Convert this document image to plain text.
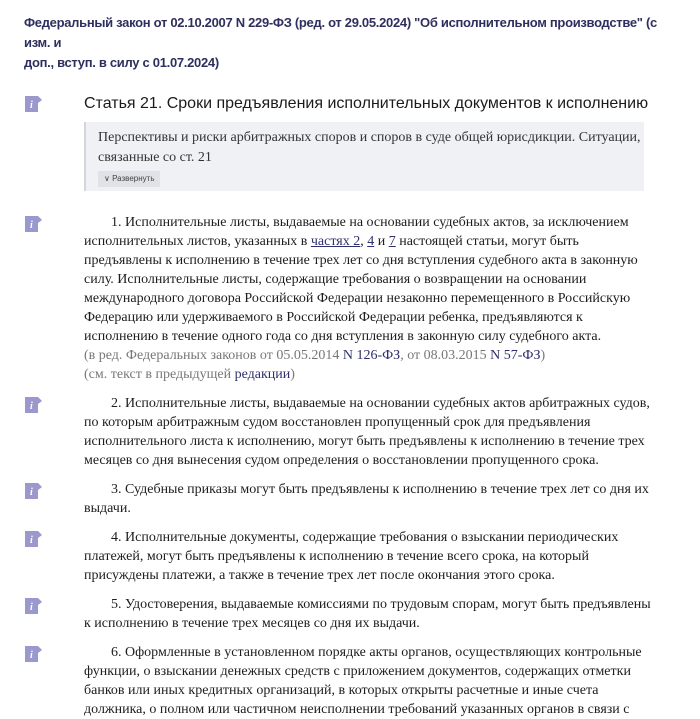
Федеральный закон от 02.10.2007 N 229-ФЗ (ред. от 29.05.2024) "Об исполнительном производстве" (с изм. и
доп., вступ. в силу с 01.07.2024)
i	Статья 21. Сроки предъявления исполнительных документов к исполнению
Перспективы и риски арбитражных споров и споров в суде общей юрисдикции. Ситуации,
связанные со ст. 21
∨ Развернуть
i	1. Исполнительные листы, выдаваемые на основании судебных актов, за исключением
исполнительных листов, указанных в частях 2, 4 и 7 настоящей статьи, могут быть
предъявлены к исполнению в течение трех лет со дня вступления судебного акта в законную
силу. Исполнительные листы, содержащие требования о возвращении на основании
международного договора Российской Федерации незаконно перемещенного в Российскую
Федерацию или удерживаемого в Российской Федерации ребенка, предъявляются к
исполнению в течение одного года со дня вступления в законную силу судебного акта.
(в ред. Федеральных законов от 05.05.2014 N 126-ФЗ, от 08.03.2015 N 57-ФЗ)
(см. текст в предыдущей редакции)
i	2. Исполнительные листы, выдаваемые на основании судебных актов арбитражных судов,
по которым арбитражным судом восстановлен пропущенный срок для предъявления
исполнительного листа к исполнению, могут быть предъявлены к исполнению в течение трех
месяцев со дня вынесения судом определения о восстановлении пропущенного срока.
i	3. Судебные приказы могут быть предъявлены к исполнению в течение трех лет со дня их
выдачи.
i	4. Исполнительные документы, содержащие требования о взыскании периодических
платежей, могут быть предъявлены к исполнению в течение всего срока, на который
присуждены платежи, а также в течение трех лет после окончания этого срока.
i	5. Удостоверения, выдаваемые комиссиями по трудовым спорам, могут быть предъявлены
к исполнению в течение трех месяцев со дня их выдачи.
i	6. Оформленные в установленном порядке акты органов, осуществляющих контрольные
функции, о взыскании денежных средств с приложением документов, содержащих отметки
банков или иных кредитных организаций, в которых открыты расчетные и иные счета
должника, о полном или частичном неисполнении требований указанных органов в связи с
